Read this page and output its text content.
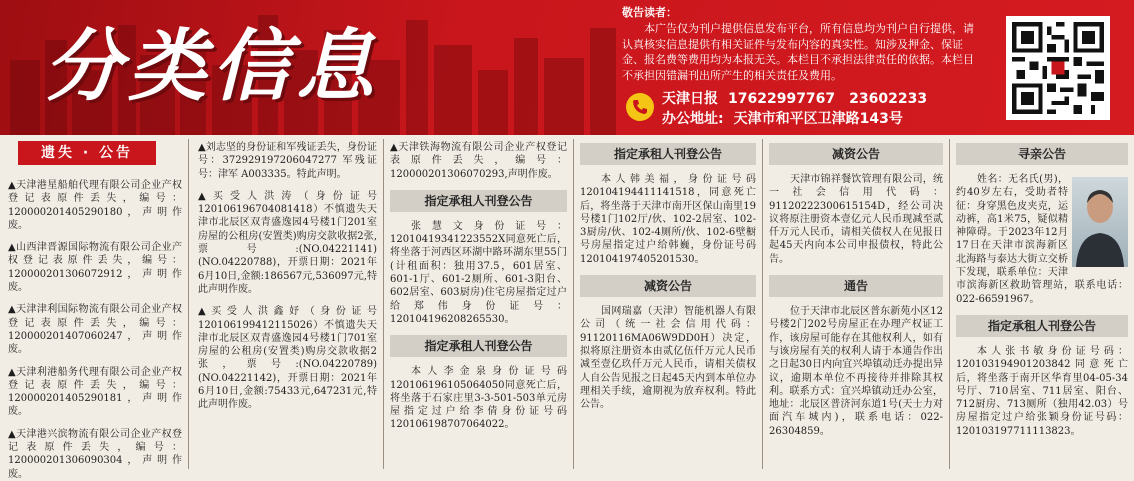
分类信息
敬告读者：
本广告仅为刊户提供信息发布平台，所有信息均为刊户自行提供，请认真核实信息提供有相关证件与发布内容的真实性。知涉及押金、保证金、报名费等费用均为本报无关。本栏目不承担法律责任的依据。本栏目不承担因错漏刊出所产生的相关责任及费用。
天津日报 17622997767 23602233
办公地址: 天津市和平区卫津路143号
遗失 · 公告

▲天津港星船舶代理有限公司企业产权登记表原件丢失，编号：120000201405290180，声明作废。

▲山西津晋源国际物流有限公司企业产权登记表原件丢失，编号：120000201306072912，声明作废。

▲天津津利国际物流有限公司企业产权登记表原件丢失，编号：120000201407060247，声明作废。

▲天津利港船务代理有限公司企业产权登记表原件丢失，编号：120000201405290181，声明作废。

▲天津港兴滨物流有限公司企业产权登记表原件丢失，编号：120000201306090304，声明作废。

▲刘志坚的身份证和军残证丢失，身份证号：372929197206047277 军残证号：津军 A003335。特此声明。

▲买受人洪涛（身份证号120106196704081418）不慎遗失天津市北辰区双青盛逸园4号楼1门201室房屋的公租房(安置类)购房交款收据2张,票号:(NO.04221141)(NO.04220788)，开票日期：2021年6月10日,金额:186567元,536097元,特此声明作废。

▲买受人洪鑫妤（身份证号120106199412115026）不慎遗失天津市北辰区双青盛逸园4号楼1门701室房屋的公租房(安置类)购房交款收据2张，票号:(NO.04220789)(NO.04221142)，开票日期：2021年6月10日,金额:75433元,647231元,特此声明作废。

▲天津铁海物流有限公司企业产权登记表原件丢失，编号：120000201306070293,声明作废。

指定承租人刊登公告

张慧文身份证号：12010419341223552X同意死亡后，将坐落于河西区环湖中路环湖东里55门(计租面积：独用37.5，601居室、601-1厅、601-2厕所、601-3阳台、602居室、603厨房)住宅房屋指定过户给郑伟身份证号：120104196208265530。

指定承租人刊登公告

本人李金泉身份证号码120106196105064050同意死亡后，将坐落于石家庄里3-3-501-503单元房屋指定过户给李倩身份证号码120106198707064022。

指定承租人刊登公告

本人韩美福，身份证号码120104194411141518，同意死亡后，将坐落于天津市南开区保山南里19号楼1门102厅/伙、102-2居室、102-3厨房/伙、102-4厕所/伙、102-6壁橱号房屋指定过户给韩巍，身份证号码120104197405201530。

减资公告

国网瑞嘉（天津）智能机器人有限公司（统一社会信用代码：91120116MA06W9DD0H）决定，拟将原注册资本由贰亿伍仟万元人民币减至壹亿玖仟万元人民币，请相关债权人自公告见报之日起45天内到本单位办理相关手续，逾期视为放弃权利。特此公告。

减资公告

天津市锦祥餐饮管理有限公司，统一社会信用代码：91120222300615154D，经公司决议将原注册资本壹亿元人民币现减至贰仟万元人民币，请相关债权人在见报日起45天内向本公司申报债权，特此公告。

通告

位于天津市北辰区普东新苑小区12号楼2门202号房屋正在办理产权证工作，该房屋可能存在其他权利人，如有与该房屋有关的权利人请于本通告作出之日起30日内向宜兴埠镇动迁办提出异议，逾期本单位不再接待并排除其权利。联系方式：宜兴埠镇动迁办公室，地址：北辰区普济河东道1号(天士力对面汽车城内)，联系电话：022-26304859。

寻亲公告

姓名：无名氏(男)，约40岁左右，受助者特征：身穿黑色皮夹克，运动裤，高1米75，疑似精神障碍。于2023年12月17日在天津市滨海新区北海路与泰达大街立交桥下发现，联系单位：天津市滨海新区救助管理站，联系电话：022-66591967。

指定承租人刊登公告

本人张书敏身份证号码：120103194901203842同意死亡后，将坐落于南开区华育里04-05-34号厅、710居室、711居室、阳台、712厨房、713厕所（独用42.03）号房屋指定过户给张颖身份证号码：120103197711113823。
